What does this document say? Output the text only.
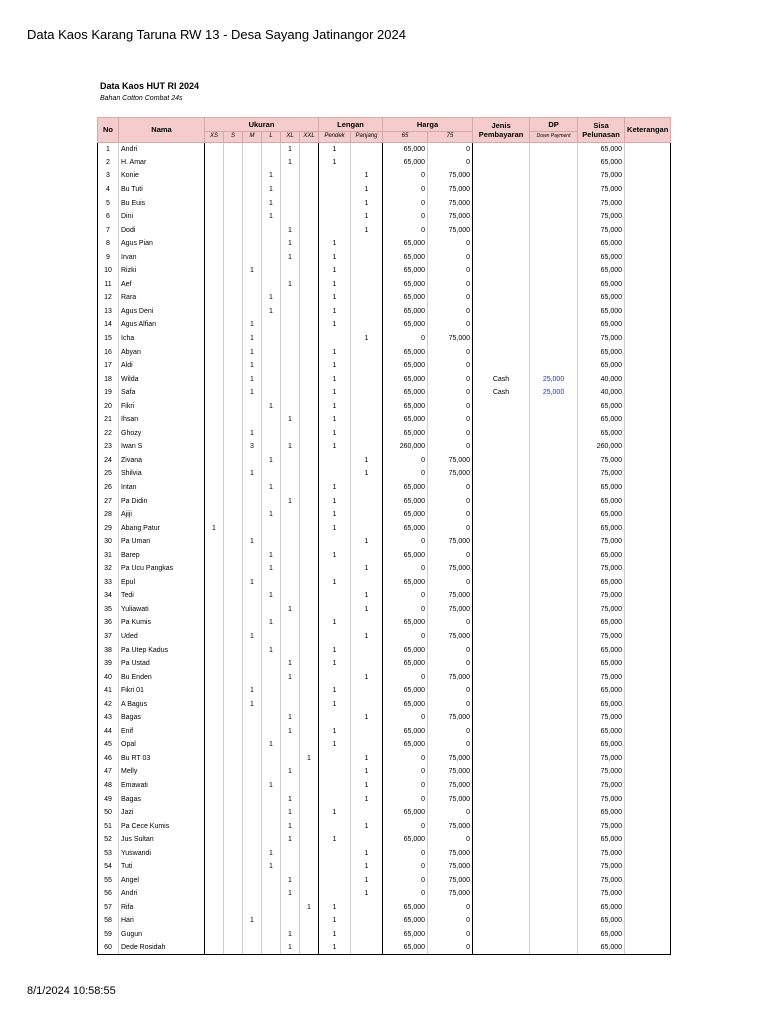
Data Kaos Karang Taruna RW 13 - Desa Sayang Jatinangor 2024
Data Kaos HUT RI 2024
Bahan Cotton Combat 24s
No	Nama	Ukuran						Lengan		Harga		Jenis Pembayaran	DP	Sisa Pelunasan	Keterangan
		XS	S	M	L	XL	XXL	Pendek	Panjang	65	75		Down Payment		
1	Andri					1		1		65,000	0			65,000	
2	H. Amar					1		1		65,000	0			65,000	
3	Konie				1				1	0	75,000			75,000	
4	Bu Tuti				1				1	0	75,000			75,000	
5	Bu Euis				1				1	0	75,000			75,000	
6	Dini				1				1	0	75,000			75,000	
7	Dodi					1			1	0	75,000			75,000	
8	Agus Pian					1		1		65,000	0			65,000	
9	Irvan					1		1		65,000	0			65,000	
10	Rizki			1				1		65,000	0			65,000	
11	Aef					1		1		65,000	0			65,000	
12	Rara				1			1		65,000	0			65,000	
13	Agus Deni				1			1		65,000	0			65,000	
14	Agus Alfian			1				1		65,000	0			65,000	
15	Icha			1					1	0	75,000			75,000	
16	Abyan			1				1		65,000	0			65,000	
17	Aldi			1				1		65,000	0			65,000	
18	Wilda			1				1		65,000	0	Cash	25,000	40,000	
19	Safa			1				1		65,000	0	Cash	25,000	40,000	
20	Fikri				1			1		65,000	0			65,000	
21	Ihsan					1		1		65,000	0			65,000	
22	Ghozy			1				1		65,000	0			65,000	
23	Iwan S			3		1		1		260,000	0			260,000	
24	Zivana				1				1	0	75,000			75,000	
25	Shilvia			1					1	0	75,000			75,000	
26	Intan				1			1		65,000	0			65,000	
27	Pa Didin					1		1		65,000	0			65,000	
28	Ajiji				1			1		65,000	0			65,000	
29	Abang Patur	1						1		65,000	0			65,000	
30	Pa Uman			1					1	0	75,000			75,000	
31	Barep				1			1		65,000	0			65,000	
32	Pa Ucu Pangkas				1				1	0	75,000			75,000	
33	Epul			1				1		65,000	0			65,000	
34	Tedi				1				1	0	75,000			75,000	
35	Yuliawati					1			1	0	75,000			75,000	
36	Pa Kumis				1			1		65,000	0			65,000	
37	Uded			1					1	0	75,000			75,000	
38	Pa Utep Kadus				1			1		65,000	0			65,000	
39	Pa Ustad					1		1		65,000	0			65,000	
40	Bu Enden					1			1	0	75,000			75,000	
41	Fikri 01			1				1		65,000	0			65,000	
42	A Bagus			1				1		65,000	0			65,000	
43	Bagas					1			1	0	75,000			75,000	
44	Enif					1		1		65,000	0			65,000	
45	Opal				1			1		65,000	0			65,000	
46	Bu RT 03						1		1	0	75,000			75,000	
47	Melly					1			1	0	75,000			75,000	
48	Emawati				1				1	0	75,000			75,000	
49	Bagas					1			1	0	75,000			75,000	
50	Jazi					1		1		65,000	0			65,000	
51	Pa Cece Kumis					1			1	0	75,000			75,000	
52	Jus Sultan					1		1		65,000	0			65,000	
53	Yuswandi				1				1	0	75,000			75,000	
54	Tuti				1				1	0	75,000			75,000	
55	Angel					1			1	0	75,000			75,000	
56	Andri					1			1	0	75,000			75,000	
57	Rifa						1	1		65,000	0			65,000	
58	Hari			1				1		65,000	0			65,000	
59	Gugun					1		1		65,000	0			65,000	
60	Dede Rosidah					1		1		65,000	0			65,000	
8/1/2024 10:58:55
